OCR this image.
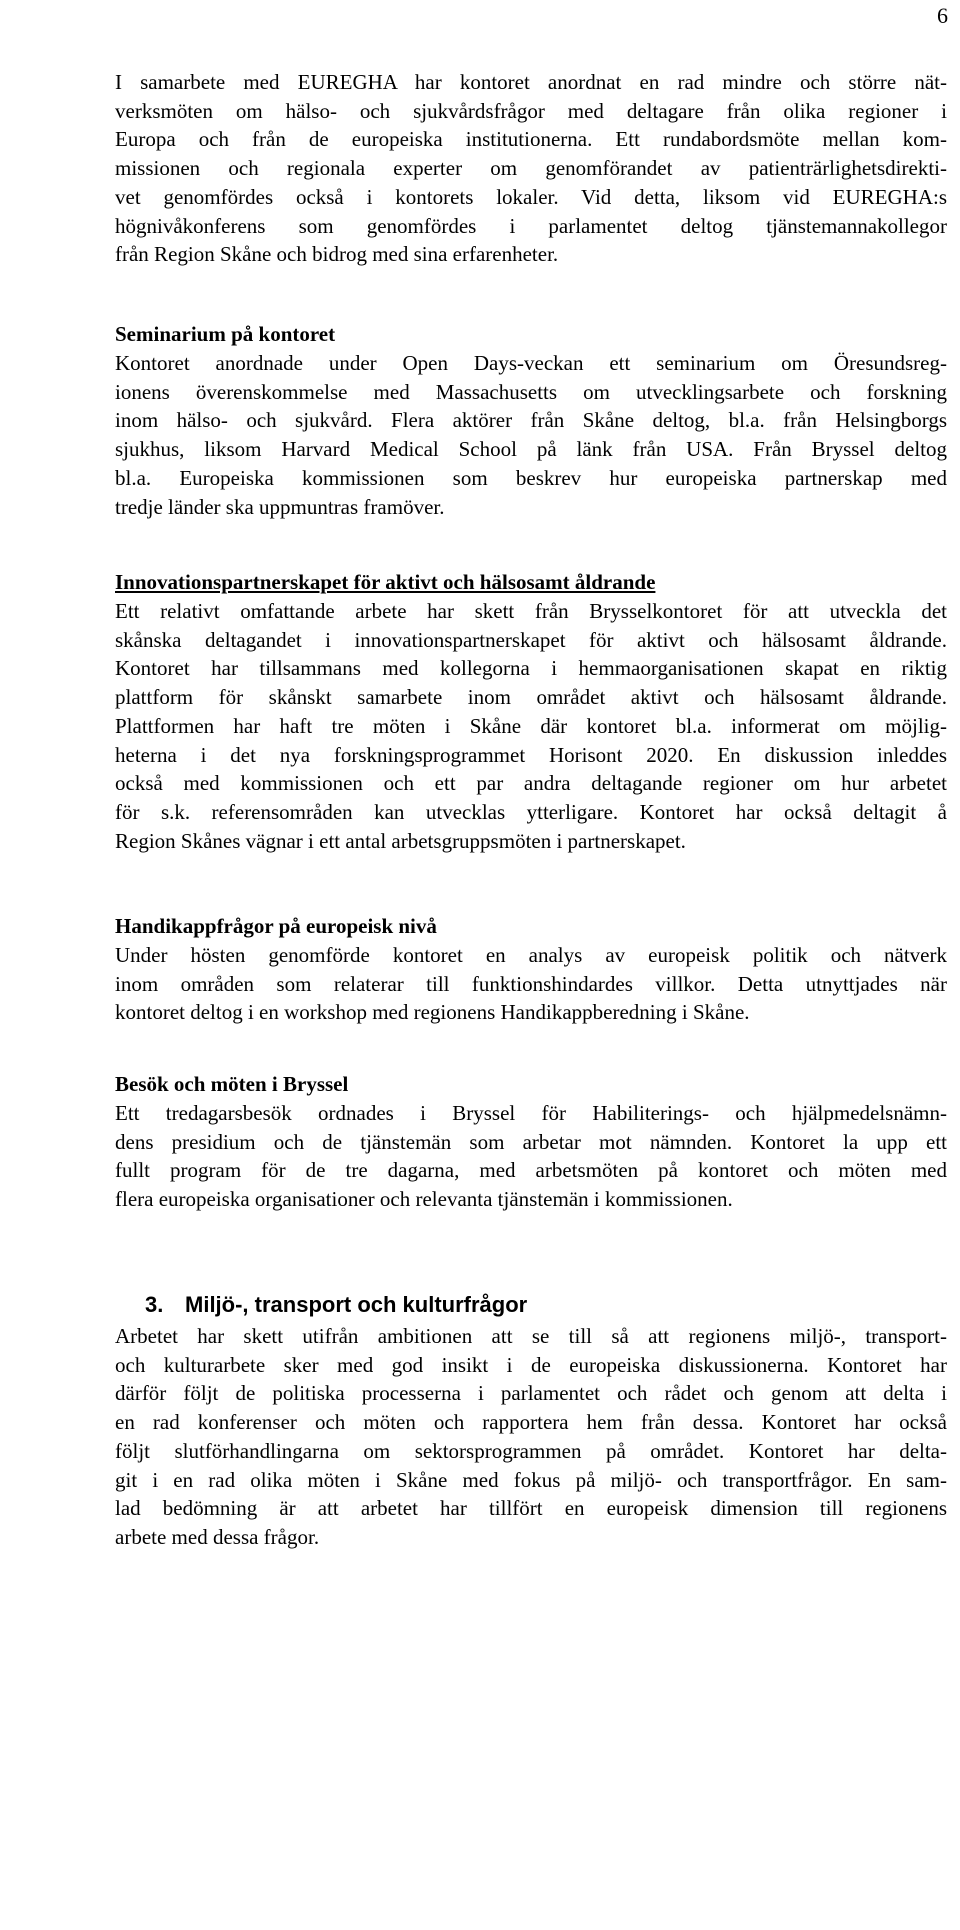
6

I samarbete med EUREGHA har kontoret anordnat en rad mindre och större nät-
verksmöten om hälso- och sjukvårdsfrågor med deltagare från olika regioner i
Europa och från de europeiska institutionerna. Ett rundabordsmöte mellan kom-
missionen och regionala experter om genomförandet av patienträrlighetsdirekti-
vet genomfördes också i kontorets lokaler. Vid detta, liksom vid EUREGHA:s
högnivåkonferens som genomfördes i parlamentet deltog tjänstemannakollegor
från Region Skåne och bidrog med sina erfarenheter.

Seminarium på kontoret

Kontoret anordnade under Open Days-veckan ett seminarium om Öresundsreg-
ionens överenskommelse med Massachusetts om utvecklingsarbete och forskning
inom hälso- och sjukvård. Flera aktörer från Skåne deltog, bl.a. från Helsingborgs
sjukhus, liksom Harvard Medical School på länk från USA. Från Bryssel deltog
bl.a. Europeiska kommissionen som beskrev hur europeiska partnerskap med
tredje länder ska uppmuntras framöver.

Innovationspartnerskapet för aktivt och hälsosamt åldrande

Ett relativt omfattande arbete har skett från Brysselkontoret för att utveckla det
skånska deltagandet i innovationspartnerskapet för aktivt och hälsosamt åldrande.
Kontoret har tillsammans med kollegorna i hemmaorganisationen skapat en riktig
plattform för skånskt samarbete inom området aktivt och hälsosamt åldrande.
Plattformen har haft tre möten i Skåne där kontoret bl.a. informerat om möjlig-
heterna i det nya forskningsprogrammet Horisont 2020. En diskussion inleddes
också med kommissionen och ett par andra deltagande regioner om hur arbetet
för s.k. referensområden kan utvecklas ytterligare. Kontoret har också deltagit å
Region Skånes vägnar i ett antal arbetsgruppsmöten i partnerskapet.

Handikappfrågor på europeisk nivå

Under hösten genomförde kontoret en analys av europeisk politik och nätverk
inom områden som relaterar till funktionshindardes villkor. Detta utnyttjades när
kontoret deltog i en workshop med regionens Handikappberedning i Skåne.

Besök och möten i Bryssel

Ett tredagarsbesök ordnades i Bryssel för Habiliterings- och hjälpmedelsnämn-
dens presidium och de tjänstemän som arbetar mot nämnden. Kontoret la upp ett
fullt program för de tre dagarna, med arbetsmöten på kontoret och möten med
flera europeiska organisationer och relevanta tjänstemän i kommissionen.

3. Miljö-, transport och kulturfrågor

Arbetet har skett utifrån ambitionen att se till så att regionens miljö-, transport-
och kulturarbete sker med god insikt i de europeiska diskussionerna. Kontoret har
därför följt de politiska processerna i parlamentet och rådet och genom att delta i
en rad konferenser och möten och rapportera hem från dessa. Kontoret har också
följt slutförhandlingarna om sektorsprogrammen på området. Kontoret har delta-
git i en rad olika möten i Skåne med fokus på miljö- och transportfrågor. En sam-
lad bedömning är att arbetet har tillfört en europeisk dimension till regionens
arbete med dessa frågor.
